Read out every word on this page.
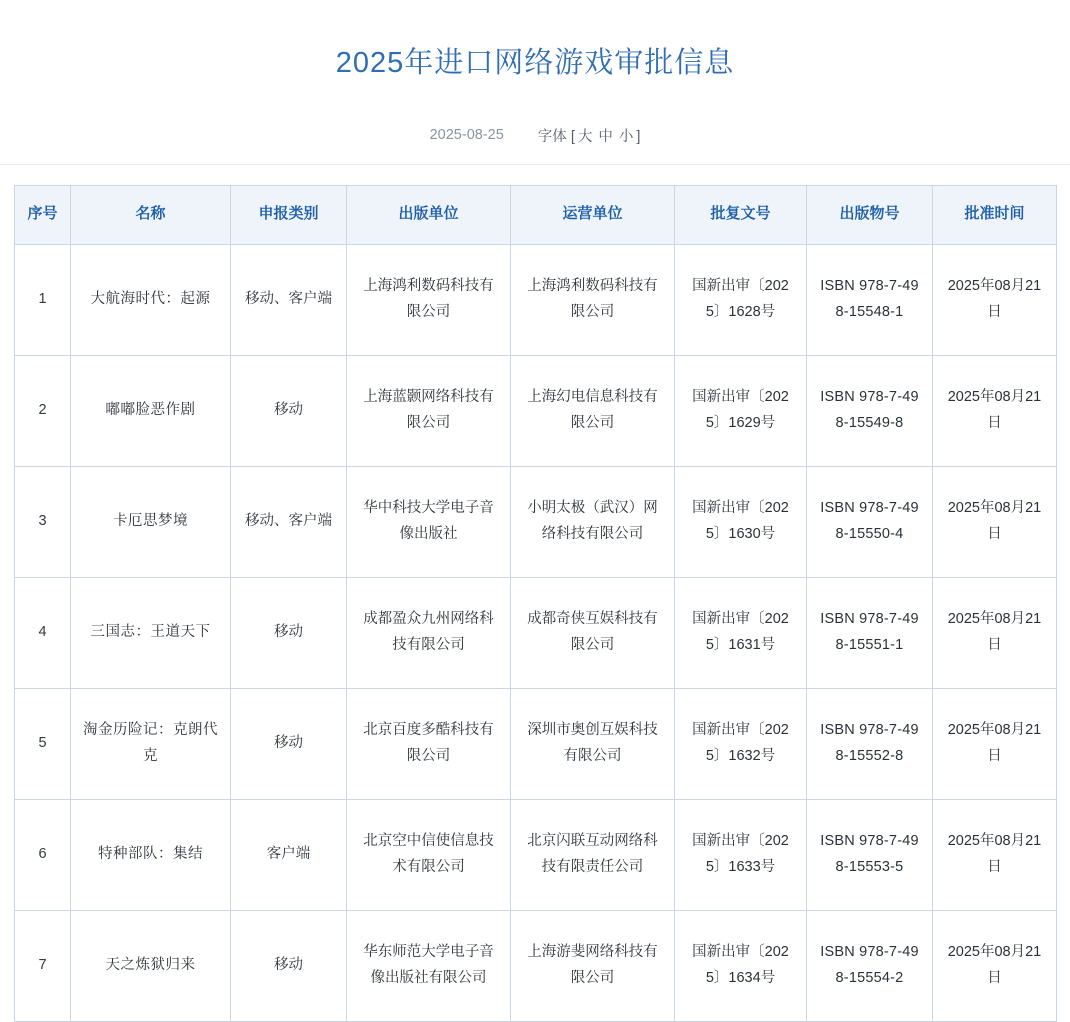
2025年进口网络游戏审批信息
2025-08-25 字体 [ 大 中 小 ]
序号	名称	申报类别	出版单位	运营单位	批复文号	出版物号	批准时间
1	大航海时代：起源	移动、客户端	上海鸿利数码科技有限公司	上海鸿利数码科技有限公司	国新出审〔2025〕1628号	ISBN 978-7-498-15548-1	2025年08月21日
2	嘟嘟脸恶作剧	移动	上海蓝颢网络科技有限公司	上海幻电信息科技有限公司	国新出审〔2025〕1629号	ISBN 978-7-498-15549-8	2025年08月21日
3	卡厄思梦境	移动、客户端	华中科技大学电子音像出版社	小明太极（武汉）网络科技有限公司	国新出审〔2025〕1630号	ISBN 978-7-498-15550-4	2025年08月21日
4	三国志：王道天下	移动	成都盈众九州网络科技有限公司	成都奇侠互娱科技有限公司	国新出审〔2025〕1631号	ISBN 978-7-498-15551-1	2025年08月21日
5	淘金历险记：克朗代克	移动	北京百度多酷科技有限公司	深圳市奥创互娱科技有限公司	国新出审〔2025〕1632号	ISBN 978-7-498-15552-8	2025年08月21日
6	特种部队：集结	客户端	北京空中信使信息技术有限公司	北京闪联互动网络科技有限责任公司	国新出审〔2025〕1633号	ISBN 978-7-498-15553-5	2025年08月21日
7	天之炼狱归来	移动	华东师范大学电子音像出版社有限公司	上海游斐网络科技有限公司	国新出审〔2025〕1634号	ISBN 978-7-498-15554-2	2025年08月21日
